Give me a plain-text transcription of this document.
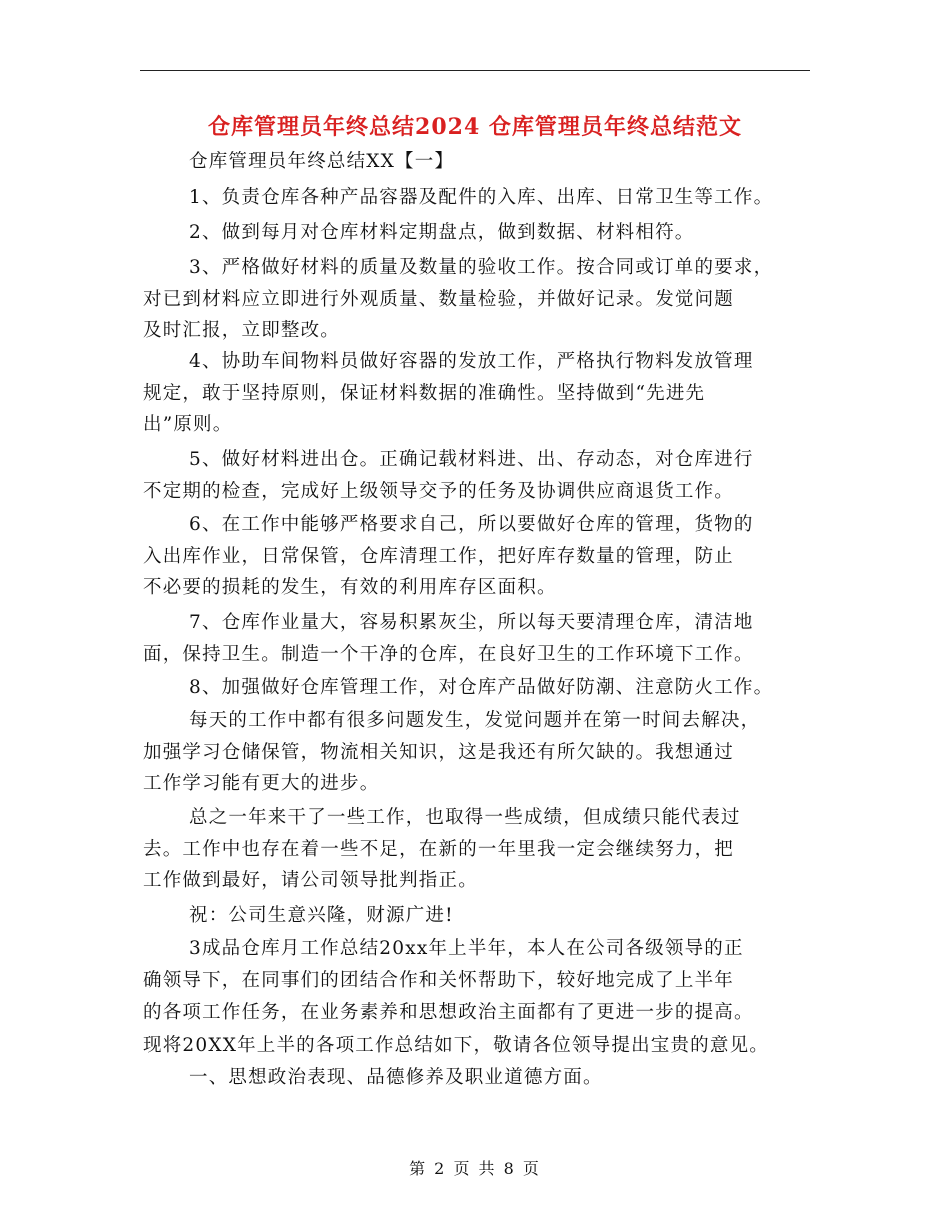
仓库管理员年终总结2024 仓库管理员年终总结范文
仓库管理员年终总结XX【一】
1、负责仓库各种产品容器及配件的入库、出库、日常卫生等工作。
2、做到每月对仓库材料定期盘点，做到数据、材料相符。
3、严格做好材料的质量及数量的验收工作。按合同或订单的要求，
对已到材料应立即进行外观质量、数量检验，并做好记录。发觉问题
及时汇报，立即整改。
4、协助车间物料员做好容器的发放工作，严格执行物料发放管理
规定，敢于坚持原则，保证材料数据的准确性。坚持做到“先进先
出”原则。
5、做好材料进出仓。正确记载材料进、出、存动态，对仓库进行
不定期的检查，完成好上级领导交予的任务及协调供应商退货工作。
6、在工作中能够严格要求自己，所以要做好仓库的管理，货物的
入出库作业，日常保管，仓库清理工作，把好库存数量的管理，防止
不必要的损耗的发生，有效的利用库存区面积。
7、仓库作业量大，容易积累灰尘，所以每天要清理仓库，清洁地
面，保持卫生。制造一个干净的仓库，在良好卫生的工作环境下工作。
8、加强做好仓库管理工作，对仓库产品做好防潮、注意防火工作。
每天的工作中都有很多问题发生，发觉问题并在第一时间去解决，
加强学习仓储保管，物流相关知识，这是我还有所欠缺的。我想通过
工作学习能有更大的进步。
总之一年来干了一些工作，也取得一些成绩，但成绩只能代表过
去。工作中也存在着一些不足，在新的一年里我一定会继续努力，把
工作做到最好，请公司领导批判指正。
祝：公司生意兴隆，财源广进!
3成品仓库月工作总结20xx年上半年，本人在公司各级领导的正
确领导下，在同事们的团结合作和关怀帮助下，较好地完成了上半年
的各项工作任务，在业务素养和思想政治主面都有了更进一步的提高。
现将20XX年上半的各项工作总结如下，敬请各位领导提出宝贵的意见。
一、思想政治表现、品德修养及职业道德方面。
第 2 页 共 8 页
